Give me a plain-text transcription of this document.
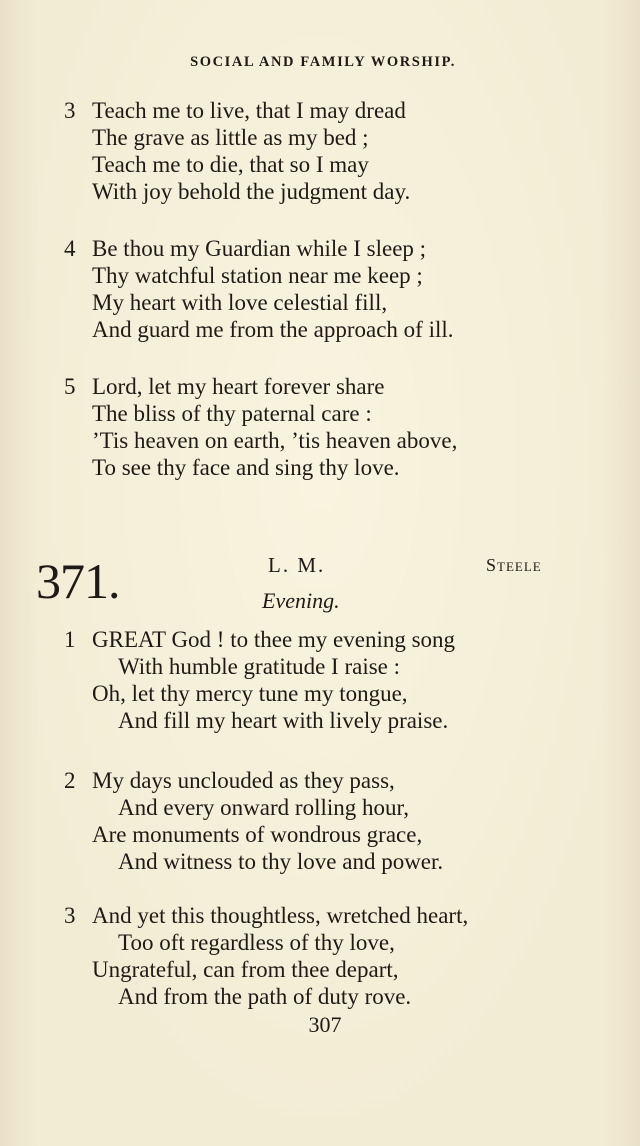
SOCIAL AND FAMILY WORSHIP.
3 Teach me to live, that I may dread
The grave as little as my bed ;
Teach me to die, that so I may
With joy behold the judgment day.
4 Be thou my Guardian while I sleep ;
Thy watchful station near me keep ;
My heart with love celestial fill,
And guard me from the approach of ill.
5 Lord, let my heart forever share
The bliss of thy paternal care :
’Tis heaven on earth, ’tis heaven above,
To see thy face and sing thy love.
371.	L. M.	Steele
Evening.
1 GREAT God ! to thee my evening song
With humble gratitude I raise :
Oh, let thy mercy tune my tongue,
And fill my heart with lively praise.
2 My days unclouded as they pass,
And every onward rolling hour,
Are monuments of wondrous grace,
And witness to thy love and power.
3 And yet this thoughtless, wretched heart,
Too oft regardless of thy love,
Ungrateful, can from thee depart,
And from the path of duty rove.
307
